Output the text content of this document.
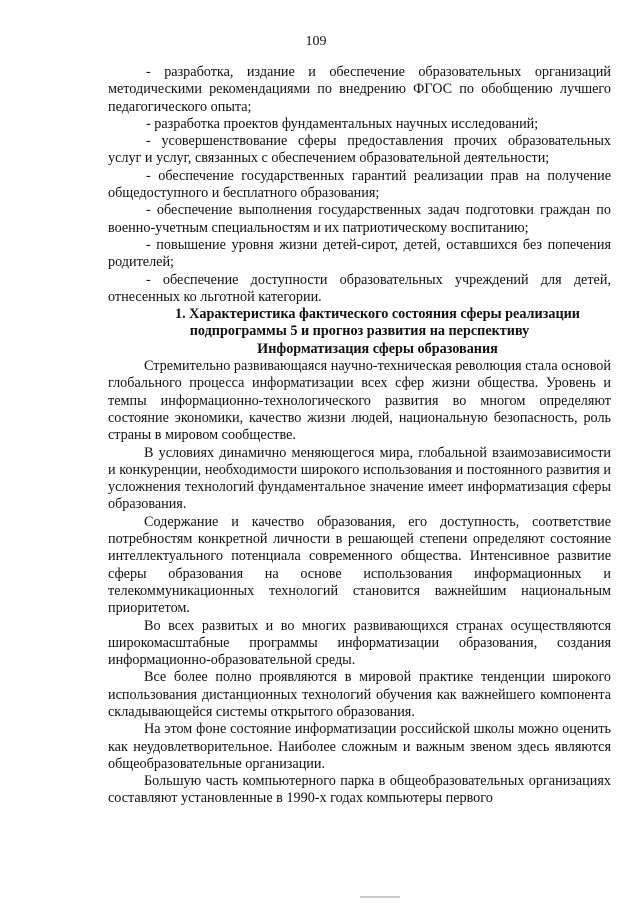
109

- разработка, издание и обеспечение образовательных организаций методическими рекомендациями по внедрению ФГОС по обобщению лучшего педагогического опыта;

- разработка проектов фундаментальных научных исследований;

- усовершенствование сферы предоставления прочих образовательных услуг и услуг, связанных с обеспечением образовательной деятельности;

- обеспечение государственных гарантий реализации прав на получение общедоступного и бесплатного образования;

- обеспечение выполнения государственных задач подготовки граждан по военно-учетным специальностям и их патриотическому воспитанию;

- повышение уровня жизни детей-сирот, детей, оставшихся без попечения родителей;

- обеспечение доступности образовательных учреждений для детей, отнесенных ко льготной категории.

1. Характеристика фактического состояния сферы реализации подпрограммы 5 и прогноз развития на перспективу

Информатизация сферы образования

Стремительно развивающаяся научно-техническая революция стала основой глобального процесса информатизации всех сфер жизни общества. Уровень и темпы информационно-технологического развития во многом определяют состояние экономики, качество жизни людей, национальную безопасность, роль страны в мировом сообществе.

В условиях динамично меняющегося мира, глобальной взаимозависимости и конкуренции, необходимости широкого использования и постоянного развития и усложнения технологий фундаментальное значение имеет информатизация сферы образования.

Содержание и качество образования, его доступность, соответствие потребностям конкретной личности в решающей степени определяют состояние интеллектуального потенциала современного общества. Интенсивное развитие сферы образования на основе использования информационных и телекоммуникационных технологий становится важнейшим национальным приоритетом.

Во всех развитых и во многих развивающихся странах осуществляются широкомасштабные программы информатизации образования, создания информационно-образовательной среды.

Все более полно проявляются в мировой практике тенденции широкого использования дистанционных технологий обучения как важнейшего компонента складывающейся системы открытого образования.

На этом фоне состояние информатизации российской школы можно оценить как неудовлетворительное. Наиболее сложным и важным звеном здесь являются общеобразовательные организации.

Большую часть компьютерного парка в общеобразовательных организациях составляют установленные в 1990-х годах компьютеры первого
